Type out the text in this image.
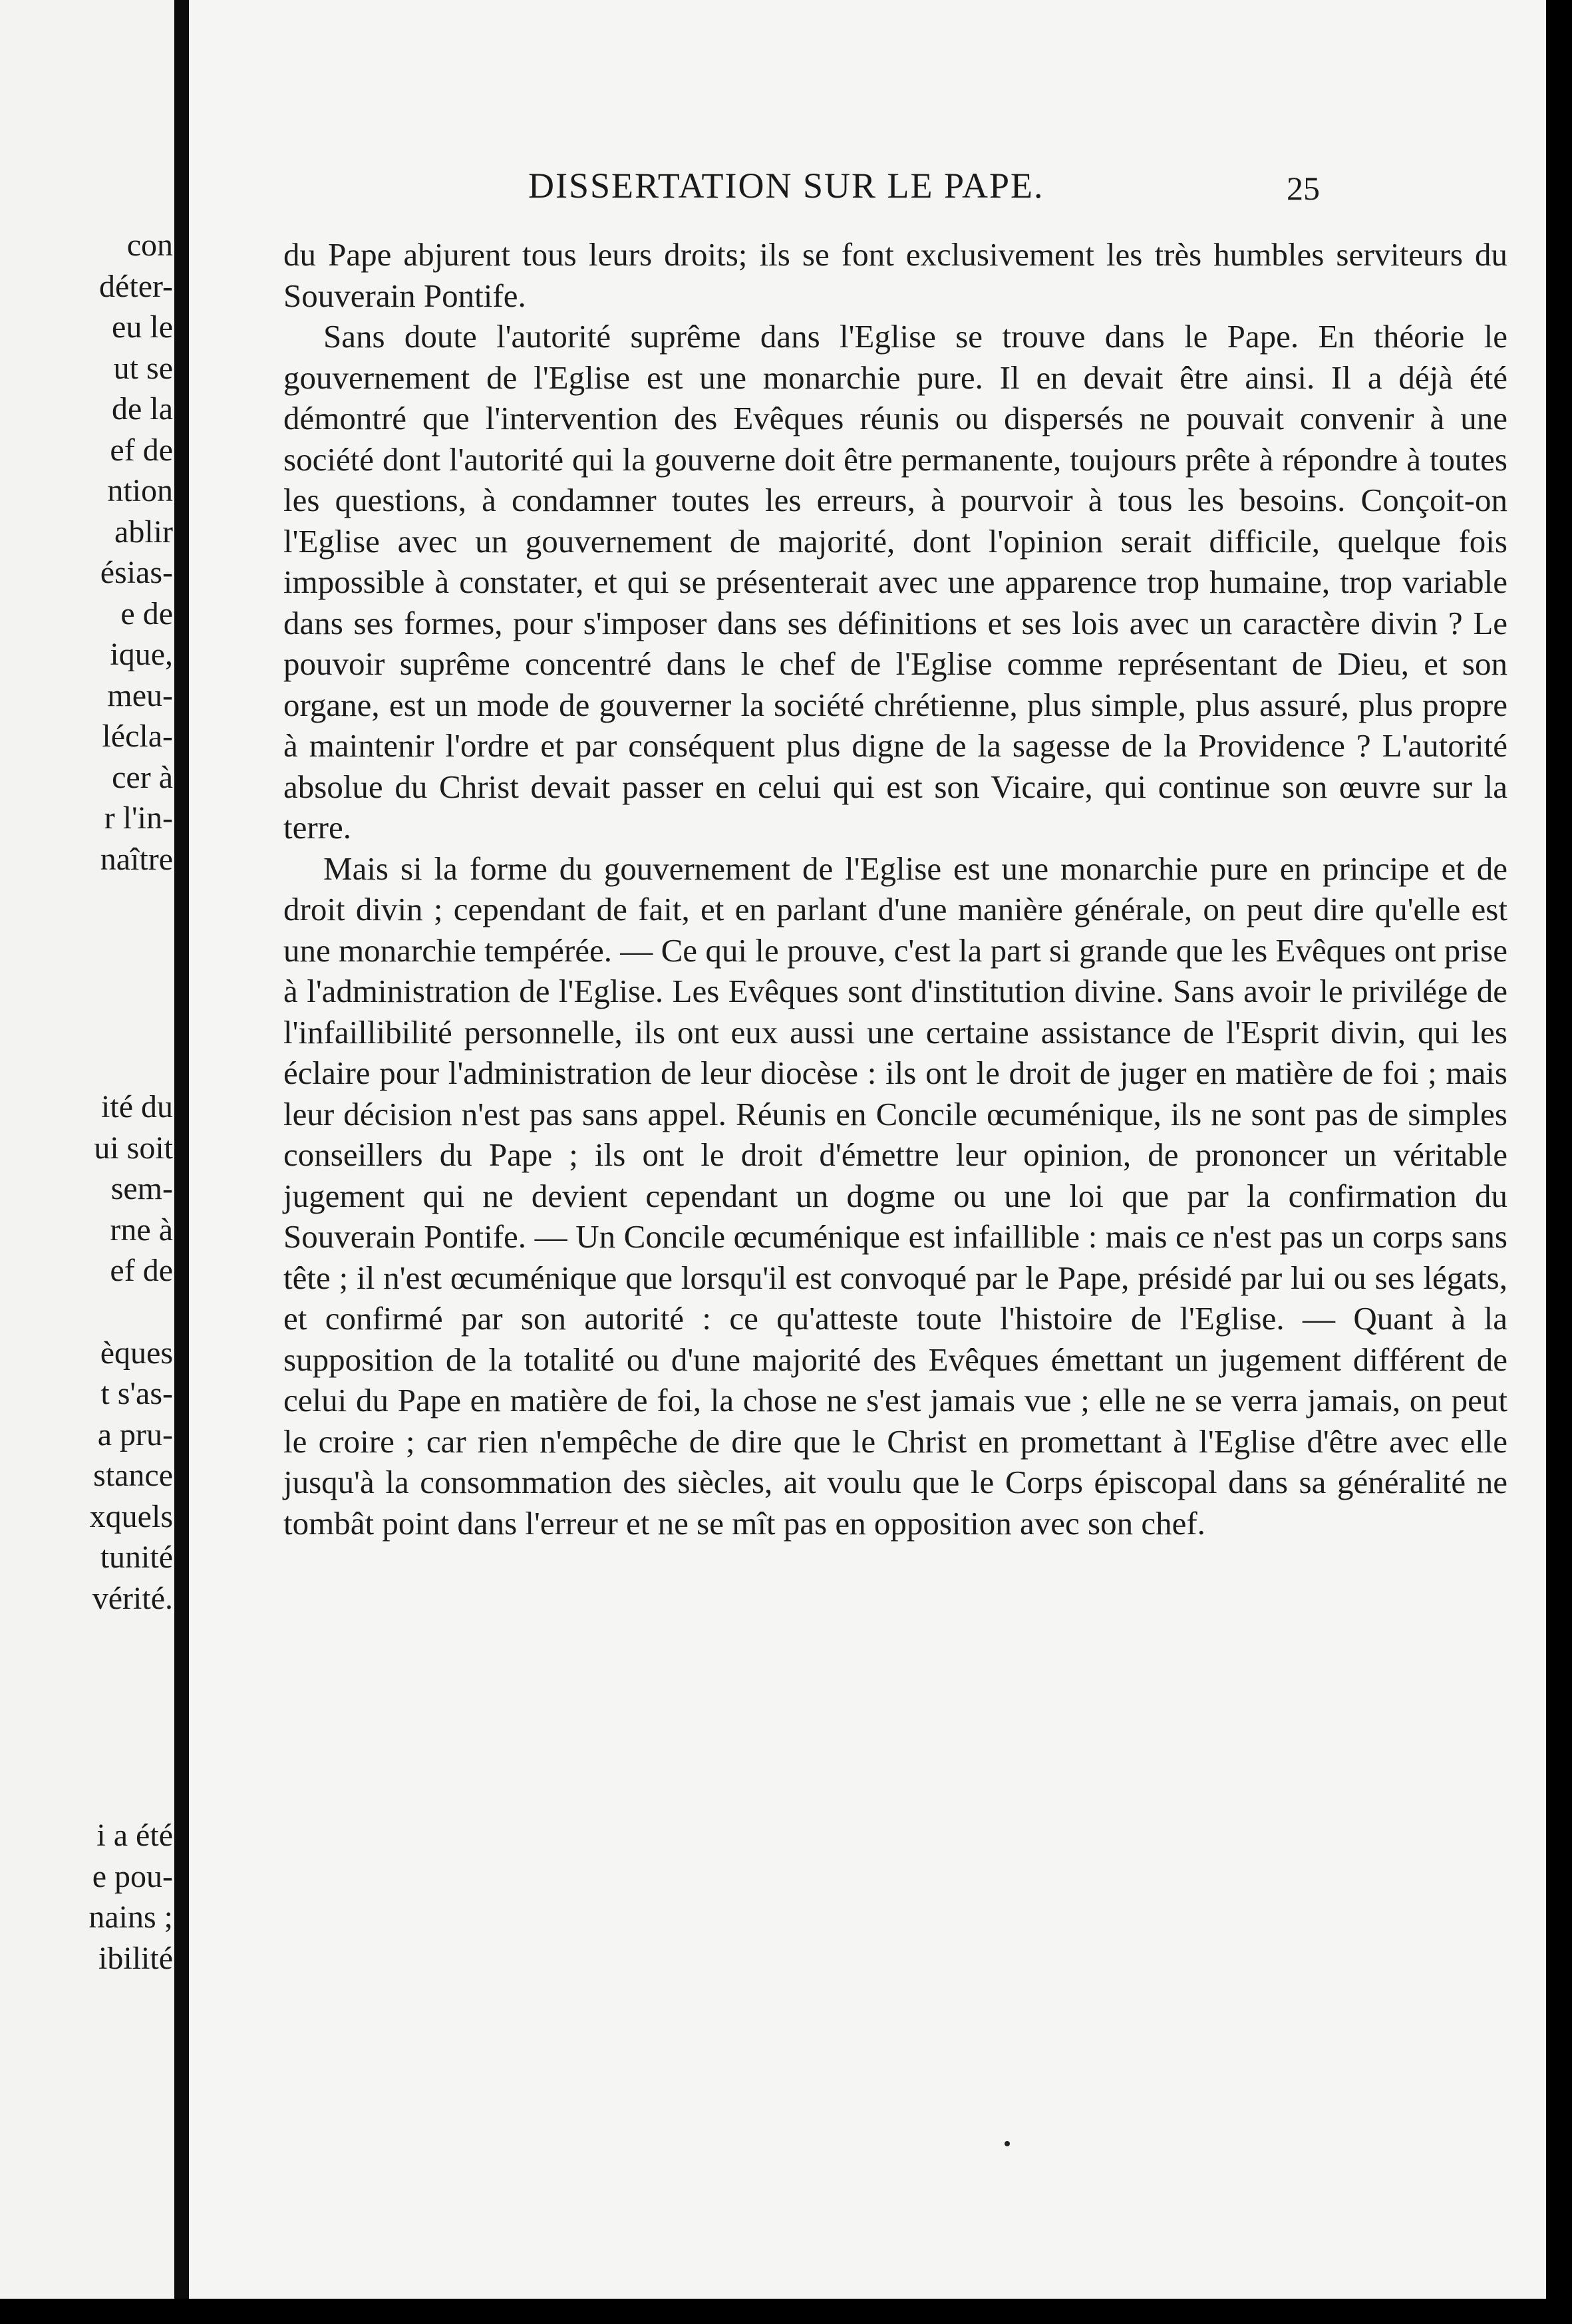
con
déter-
eu le
ut se
de la
ef de
ntion
ablir
ésias-
e de
ique,
meu-
lécla-
cer à
r l'in-
naître
ité du
ui soit
sem-
rne à
ef de
èques
t s'as-
a pru-
stance
xquels
tunité
vérité.
i a été
e pou-
nains ;
ibilité
DISSERTATION SUR LE PAPE.	25

du Pape abjurent tous leurs droits; ils se font exclusivement les très humbles serviteurs du Souverain Pontife.

Sans doute l'autorité suprême dans l'Eglise se trouve dans le Pape. En théorie le gouvernement de l'Eglise est une monarchie pure. Il en devait être ainsi. Il a déjà été démontré que l'intervention des Evêques réunis ou dispersés ne pouvait convenir à une société dont l'autorité qui la gouverne doit être permanente, toujours prête à répondre à toutes les questions, à condamner toutes les erreurs, à pourvoir à tous les besoins. Conçoit-on l'Eglise avec un gouvernement de majorité, dont l'opinion serait difficile, quelque fois impossible à constater, et qui se présenterait avec une apparence trop humaine, trop variable dans ses formes, pour s'imposer dans ses définitions et ses lois avec un caractère divin ? Le pouvoir suprême concentré dans le chef de l'Eglise comme représentant de Dieu, et son organe, est un mode de gouverner la société chrétienne, plus simple, plus assuré, plus propre à maintenir l'ordre et par conséquent plus digne de la sagesse de la Providence ? L'autorité absolue du Christ devait passer en celui qui est son Vicaire, qui continue son œuvre sur la terre.

Mais si la forme du gouvernement de l'Eglise est une monarchie pure en principe et de droit divin ; cependant de fait, et en parlant d'une manière générale, on peut dire qu'elle est une monarchie tempérée. — Ce qui le prouve, c'est la part si grande que les Evêques ont prise à l'administration de l'Eglise. Les Evêques sont d'institution divine. Sans avoir le privilége de l'infaillibilité personnelle, ils ont eux aussi une certaine assistance de l'Esprit divin, qui les éclaire pour l'administration de leur diocèse : ils ont le droit de juger en matière de foi ; mais leur décision n'est pas sans appel. Réunis en Concile œcuménique, ils ne sont pas de simples conseillers du Pape ; ils ont le droit d'émettre leur opinion, de prononcer un véritable jugement qui ne devient cependant un dogme ou une loi que par la confirmation du Souverain Pontife. — Un Concile œcuménique est infaillible : mais ce n'est pas un corps sans tête ; il n'est œcuménique que lorsqu'il est convoqué par le Pape, présidé par lui ou ses légats, et confirmé par son autorité : ce qu'atteste toute l'histoire de l'Eglise. — Quant à la supposition de la totalité ou d'une majorité des Evêques émettant un jugement différent de celui du Pape en matière de foi, la chose ne s'est jamais vue ; elle ne se verra jamais, on peut le croire ; car rien n'empêche de dire que le Christ en promettant à l'Eglise d'être avec elle jusqu'à la consommation des siècles, ait voulu que le Corps épiscopal dans sa généralité ne tombât point dans l'erreur et ne se mît pas en opposition avec son chef.
